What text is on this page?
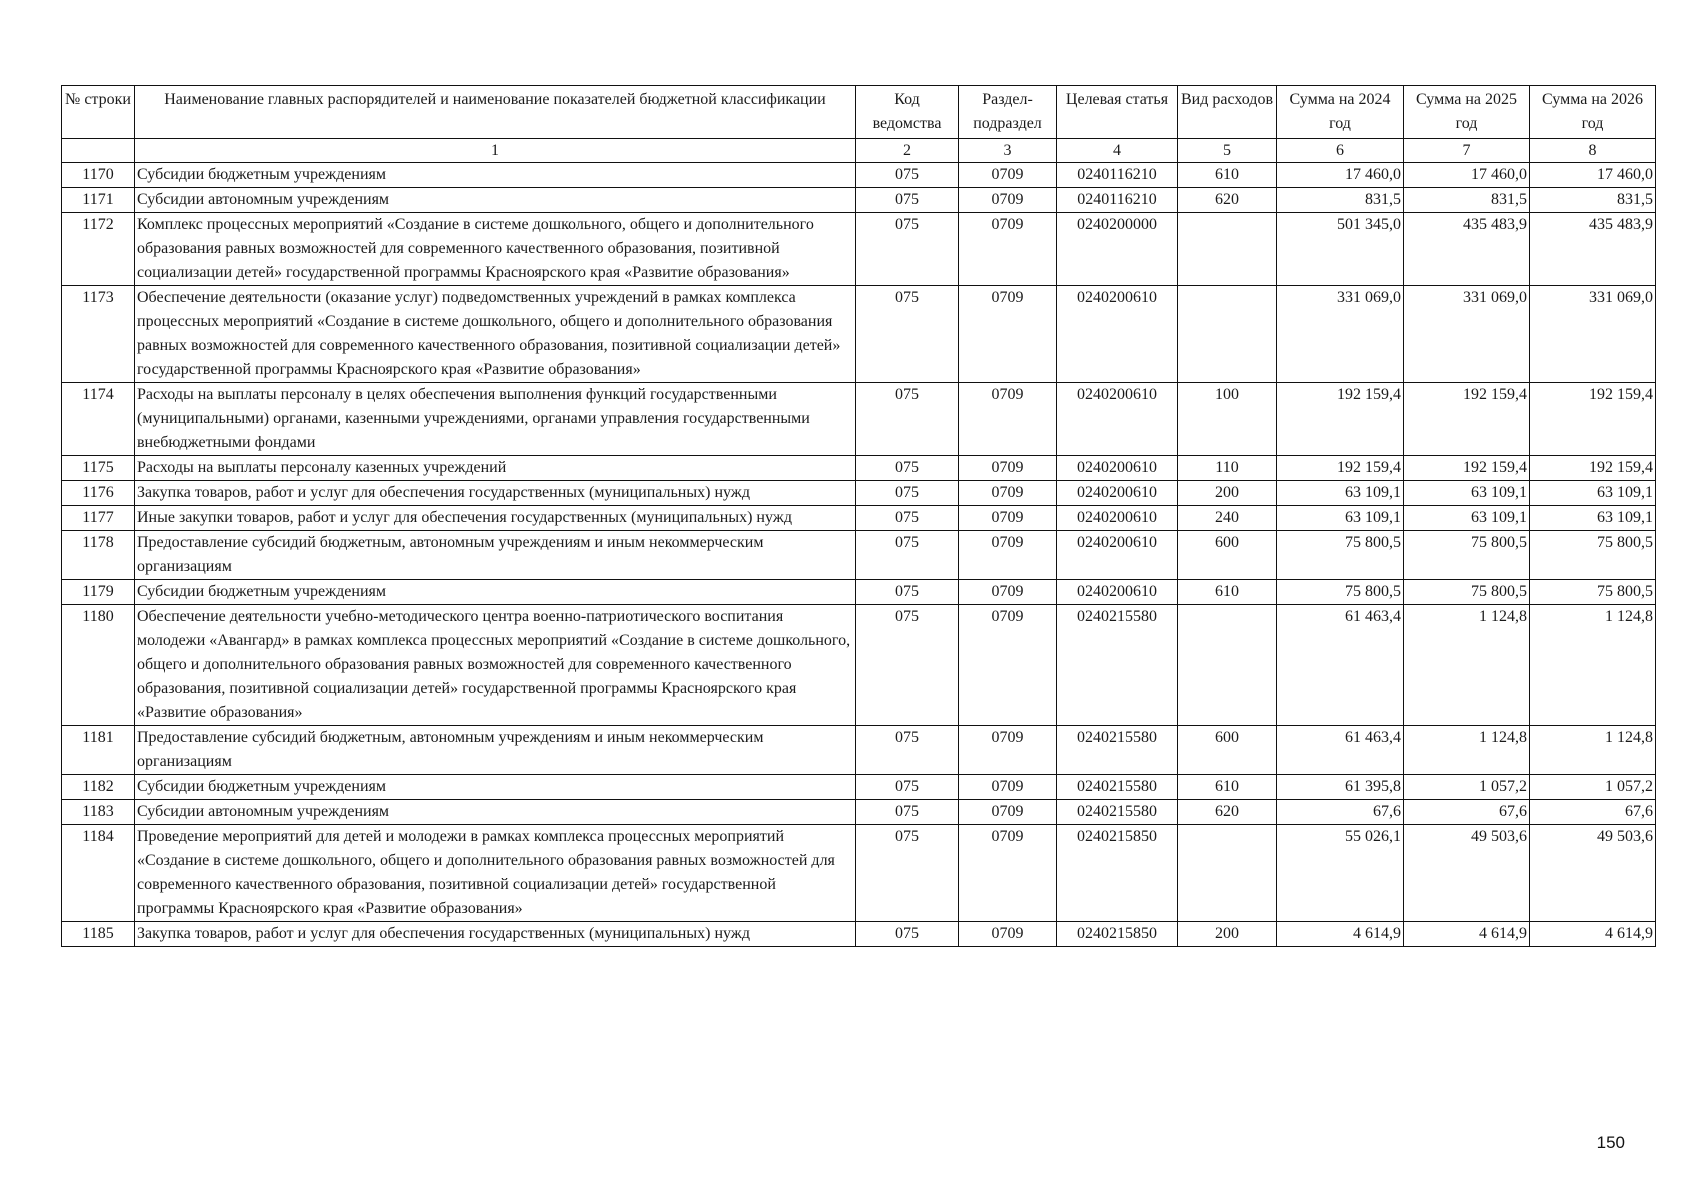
№ строки	Наименование главных распорядителей и наименование показателей бюджетной классификации	Код ведомства	Раздел-подраздел	Целевая статья	Вид расходов	Сумма на 2024 год	Сумма на 2025 год	Сумма на 2026 год
	1	2	3	4	5	6	7	8
1170	Субсидии бюджетным учреждениям	075	0709	0240116210	610	17 460,0	17 460,0	17 460,0
1171	Субсидии автономным учреждениям	075	0709	0240116210	620	831,5	831,5	831,5
1172	Комплекс процессных мероприятий «Создание в системе дошкольного, общего и дополнительного образования равных возможностей для современного качественного образования, позитивной социализации детей» государственной программы Красноярского края «Развитие образования»	075	0709	0240200000		501 345,0	435 483,9	435 483,9
1173	Обеспечение деятельности (оказание услуг) подведомственных учреждений в рамках комплекса процессных мероприятий «Создание в системе дошкольного, общего и дополнительного образования равных возможностей для современного качественного образования, позитивной социализации детей» государственной программы Красноярского края «Развитие образования»	075	0709	0240200610		331 069,0	331 069,0	331 069,0
1174	Расходы на выплаты персоналу в целях обеспечения выполнения функций государственными (муниципальными) органами, казенными учреждениями, органами управления государственными внебюджетными фондами	075	0709	0240200610	100	192 159,4	192 159,4	192 159,4
1175	Расходы на выплаты персоналу казенных учреждений	075	0709	0240200610	110	192 159,4	192 159,4	192 159,4
1176	Закупка товаров, работ и услуг для обеспечения государственных (муниципальных) нужд	075	0709	0240200610	200	63 109,1	63 109,1	63 109,1
1177	Иные закупки товаров, работ и услуг для обеспечения государственных (муниципальных) нужд	075	0709	0240200610	240	63 109,1	63 109,1	63 109,1
1178	Предоставление субсидий бюджетным, автономным учреждениям и иным некоммерческим организациям	075	0709	0240200610	600	75 800,5	75 800,5	75 800,5
1179	Субсидии бюджетным учреждениям	075	0709	0240200610	610	75 800,5	75 800,5	75 800,5
1180	Обеспечение деятельности учебно-методического центра военно-патриотического воспитания молодежи «Авангард» в рамках комплекса процессных мероприятий «Создание в системе дошкольного, общего и дополнительного образования равных возможностей для современного качественного образования, позитивной социализации детей» государственной программы Красноярского края «Развитие образования»	075	0709	0240215580		61 463,4	1 124,8	1 124,8
1181	Предоставление субсидий бюджетным, автономным учреждениям и иным некоммерческим организациям	075	0709	0240215580	600	61 463,4	1 124,8	1 124,8
1182	Субсидии бюджетным учреждениям	075	0709	0240215580	610	61 395,8	1 057,2	1 057,2
1183	Субсидии автономным учреждениям	075	0709	0240215580	620	67,6	67,6	67,6
1184	Проведение мероприятий для детей и молодежи в рамках комплекса процессных мероприятий «Создание в системе дошкольного, общего и дополнительного образования равных возможностей для современного качественного образования, позитивной социализации детей» государственной программы Красноярского края «Развитие образования»	075	0709	0240215850		55 026,1	49 503,6	49 503,6
1185	Закупка товаров, работ и услуг для обеспечения государственных (муниципальных) нужд	075	0709	0240215850	200	4 614,9	4 614,9	4 614,9
150
